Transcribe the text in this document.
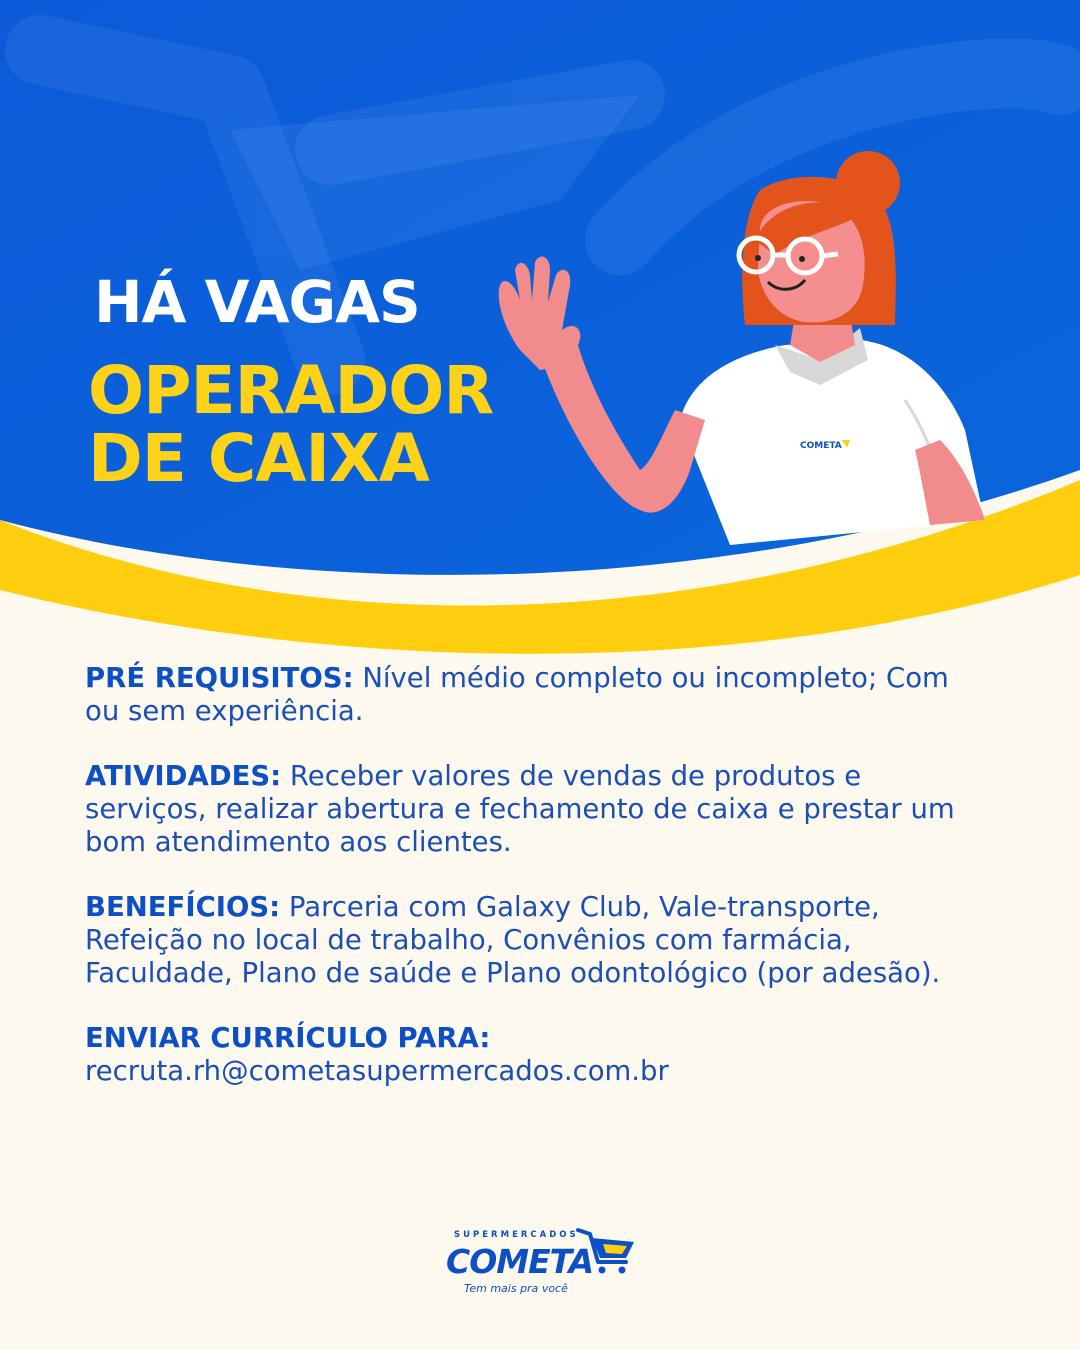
COMETA
HÁ VAGAS
OPERADOR
DE CAIXA

PRÉ REQUISITOS: Nível médio completo ou incompleto; Com ou sem experiência.

ATIVIDADES: Receber valores de vendas de produtos e serviços, realizar abertura e fechamento de caixa e prestar um bom atendimento aos clientes.

BENEFÍCIOS: Parceria com Galaxy Club, Vale-transporte, Refeição no local de trabalho, Convênios com farmácia, Faculdade, Plano de saúde e Plano odontológico (por adesão).

ENVIAR CURRÍCULO PARA:
recruta.rh@cometasupermercados.com.br

SUPERMERCADOS
COMETA
Tem mais pra você
